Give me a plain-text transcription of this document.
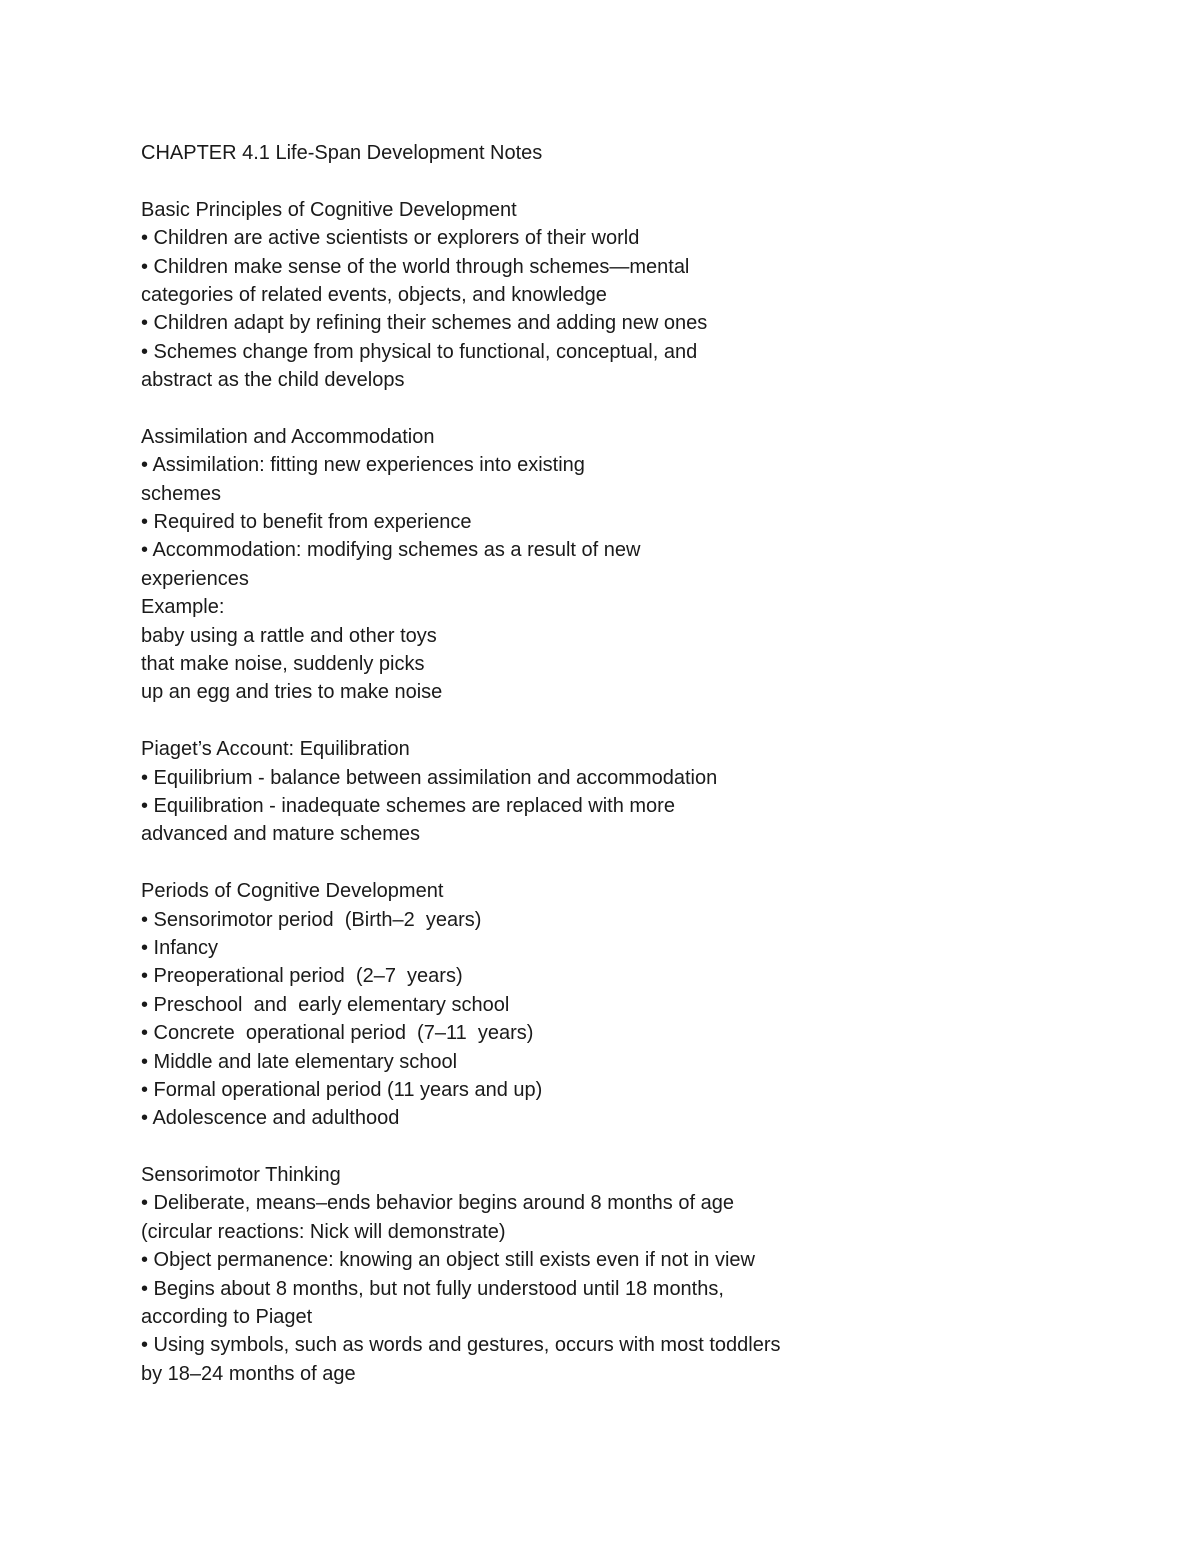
CHAPTER 4.1 Life-Span Development Notes
Basic Principles of Cognitive Development
• Children are active scientists or explorers of their world
• Children make sense of the world through schemes—mental
categories of related events, objects, and knowledge
• Children adapt by refining their schemes and adding new ones
• Schemes change from physical to functional, conceptual, and
abstract as the child develops
Assimilation and Accommodation
• Assimilation: fitting new experiences into existing
schemes
• Required to benefit from experience
• Accommodation: modifying schemes as a result of new
experiences
Example:
baby using a rattle and other toys
that make noise, suddenly picks
up an egg and tries to make noise
Piaget’s Account: Equilibration
• Equilibrium - balance between assimilation and accommodation
• Equilibration - inadequate schemes are replaced with more
advanced and mature schemes
Periods of Cognitive Development
• Sensorimotor period  (Birth–2  years)
• Infancy
• Preoperational period  (2–7  years)
• Preschool  and  early elementary school
• Concrete  operational period  (7–11  years)
• Middle and late elementary school
• Formal operational period (11 years and up)
• Adolescence and adulthood
Sensorimotor Thinking
• Deliberate, means–ends behavior begins around 8 months of age
(circular reactions: Nick will demonstrate)
• Object permanence: knowing an object still exists even if not in view
• Begins about 8 months, but not fully understood until 18 months,
according to Piaget
• Using symbols, such as words and gestures, occurs with most toddlers
by 18–24 months of age
